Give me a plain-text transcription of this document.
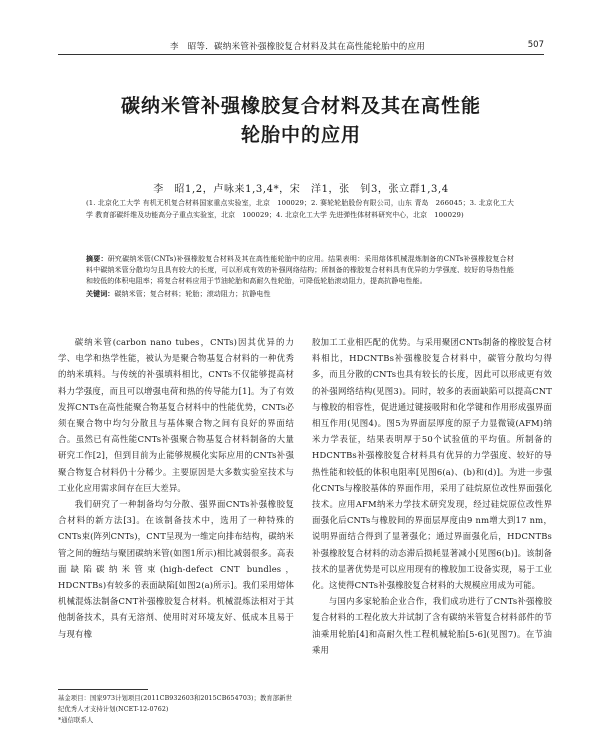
李　昭等．碳纳米管补强橡胶复合材料及其在高性能轮胎中的应用	507
碳纳米管补强橡胶复合材料及其在高性能
轮胎中的应用
李　昭1,2，卢咏来1,3,4*，宋　洋1，张　钊3，张立群1,3,4
(1. 北京化工大学 有机无机复合材料国家重点实验室，北京　100029；2. 赛轮轮胎股份有限公司，山东 青岛　266045；3. 北京化工大学 教育部碳纤维及功能高分子重点实验室，北京　100029；4. 北京化工大学 先进弹性体材料研究中心，北京　100029)
摘要：研究碳纳米管(CNTs)补强橡胶复合材料及其在高性能轮胎中的应用。结果表明：采用熔体机械混炼制备的CNTs补强橡胶复合材料中碳纳米管分散均匀且具有较大的长度，可以形成有效的补强网络结构；所制备的橡胶复合材料具有优异的力学强度、较好的导热性能和较低的体积电阻率；将复合材料应用于节油轮胎和高耐久性轮胎，可降低轮胎滚动阻力，提高抗静电性能。
关键词：碳纳米管；复合材料；轮胎；滚动阻力；抗静电性

碳纳米管(carbon nano tubes，CNTs)因其优异的力学、电学和热学性能，被认为是聚合物基复合材料的一种优秀的纳米填料。与传统的补强填料相比，CNTs不仅能够提高材料力学强度，而且可以增强电荷和热的传导能力[1]。为了有效发挥CNTs在高性能聚合物基复合材料中的性能优势，CNTs必须在聚合物中均匀分散且与基体聚合物之间有良好的界面结合。虽然已有高性能CNTs补强聚合物基复合材料制备的大量研究工作[2]，但到目前为止能够规模化实际应用的CNTs补强聚合物复合材料仍十分稀少。主要原因是大多数实验室技术与工业化应用需求间存在巨大差异。

我们研究了一种制备均匀分散、强界面CNTs补强橡胶复合材料的新方法[3]。在该制备技术中，选用了一种特殊的CNTs束(阵列CNTs)，CNT呈现为一维定向排布结构，碳纳米管之间的缠结与聚团碳纳米管(如图1所示)相比减弱很多。高表面缺陷碳纳米管束(high-defect CNT bundles，HDCNTBs)有较多的表面缺陷[如图2(a)所示]。我们采用熔体机械混炼法制备CNT补强橡胶复合材料。机械混炼法相对于其他制备技术，具有无溶剂、使用时对环境友好、低成本且易于与现有橡

胶加工工业相匹配的优势。与采用聚团CNTs制备的橡胶复合材料相比，HDCNTBs补强橡胶复合材料中，碳管分散均匀得多，而且分散的CNTs也具有较长的长度，因此可以形成更有效的补强网络结构(见图3)。同时，较多的表面缺陷可以提高CNT与橡胶的相容性，促进通过键接吸附和化学键和作用形成强界面相互作用(见图4)。图5为界面层厚度的原子力显微镜(AFM)纳米力学表征，结果表明厚于50个试验值的平均值。所制备的HDCNTBs补强橡胶复合材料具有优异的力学强度、较好的导热性能和较低的体积电阻率[见图6(a)、(b)和(d)]。为进一步强化CNTs与橡胶基体的界面作用，采用了硅烷原位改性界面强化技术。应用AFM纳米力学技术研究发现，经过硅烷原位改性界面强化后CNTs与橡胶间的界面层厚度由9 nm增大到17 nm，说明界面结合得到了显著强化；通过界面强化后，HDCNTBs补强橡胶复合材料的动态滞后损耗显著减小[见图6(b)]。该制备技术的显著优势是可以应用现有的橡胶加工设备实现，易于工业化。这使得CNTs补强橡胶复合材料的大规模应用成为可能。

与国内多家轮胎企业合作，我们成功进行了CNTs补强橡胶复合材料的工程化放大并试制了含有碳纳米管复合材料部件的节油乘用轮胎[4]和高耐久性工程机械轮胎[5-6](见图7)。在节油乘用

基金项目：国家973计划项目(2011CB932603和2015CB654703)；教育部新世纪优秀人才支持计划(NCET-12-0762)
*通信联系人
